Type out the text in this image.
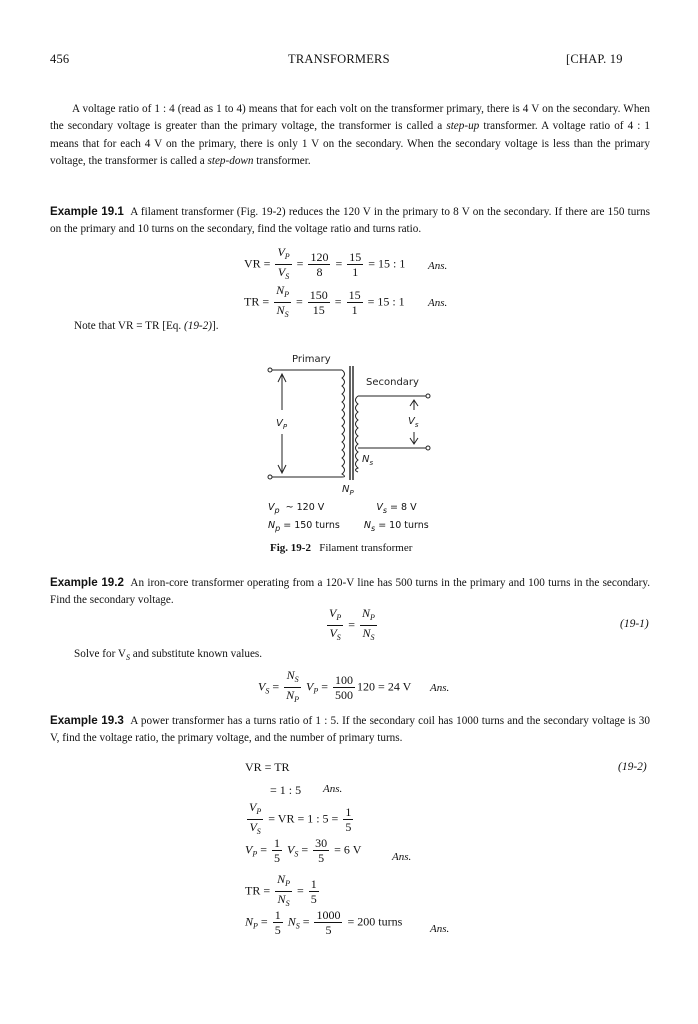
456	TRANSFORMERS	[CHAP. 19
A voltage ratio of 1 : 4 (read as 1 to 4) means that for each volt on the transformer primary, there is 4 V on the secondary. When the secondary voltage is greater than the primary voltage, the transformer is called a step-up transformer. A voltage ratio of 4 : 1 means that for each 4 V on the primary, there is only 1 V on the secondary. When the secondary voltage is less than the primary voltage, the transformer is called a step-down transformer.
Example 19.1 A filament transformer (Fig. 19-2) reduces the 120 V in the primary to 8 V on the secondary. If there are 150 turns on the primary and 10 turns on the secondary, find the voltage ratio and turns ratio.
VR = $\frac{V_P}{V_S} = \frac{120}{8} = \frac{15}{1} = 15$ : 1 Ans.
TR = $\frac{N_P}{N_S} = \frac{150}{15} = \frac{15}{1} = 15$ : 1 Ans.
Note that VR = TR [Eq. (19-2)].
Primary
Secondary
$V_P$	$V_s$
$N_s$
$N_P$
$V_p$ ~ 120 V	$V_s = 8$ V
$N_p = 150$ turns	$N_s = 10$ turns
Fig. 19-2 Filament transformer
Example 19.2 An iron-core transformer operating from a 120-V line has 500 turns in the primary and 100 turns in the secondary. Find the secondary voltage.
$\frac{V_P}{V_S} = \frac{N_P}{N_S}$	(19-1)
Solve for $V_S$ and substitute known values.
$V_S = \frac{N_S}{N_P} V_P = \frac{100}{500} 120 = 24$ V Ans.
Example 19.3 A power transformer has a turns ratio of 1 : 5. If the secondary coil has 1000 turns and the secondary voltage is 30 V, find the voltage ratio, the primary voltage, and the number of primary turns.
VR = TR	(19-2)
= 1 : 5 Ans.
$\frac{V_P}{V_S}$ = VR = 1 : $5 = \frac{1}{5}$
$V_P = \frac{1}{5} V_S = \frac{30}{5} = 6$ V
Ans.
TR = $\frac{N_P}{N_S} = \frac{1}{5}$
$N_P = \frac{1}{5} N_S = \frac{1000}{5} = 200$ turns
Ans.
